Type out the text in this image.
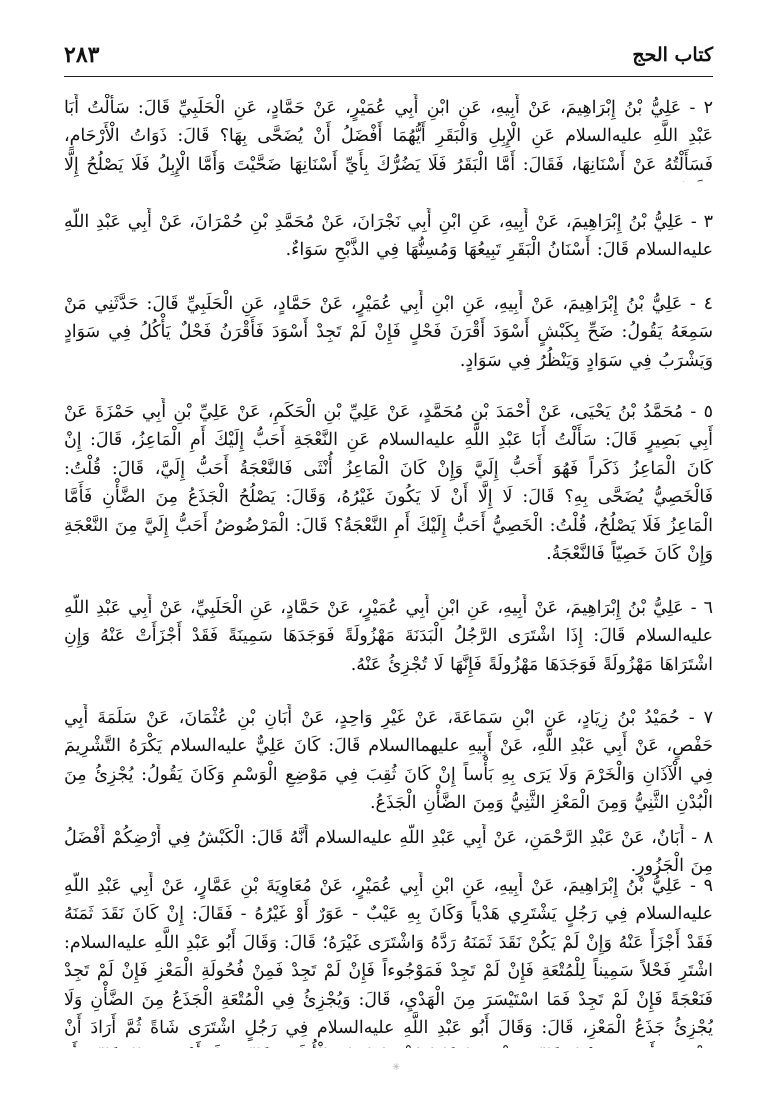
كتاب الحج
٢٨٣
٢ - عَلِيُّ بْنُ إِبْرَاهِيمَ، عَنْ أَبِيهِ، عَنِ ابْنِ أَبِي عُمَيْرٍ، عَنْ حَمَّادٍ، عَنِ الْحَلَبِيِّ قَالَ: سَأَلْتُ أَبَا عَبْدِ اللَّهِ عليه‌السلام عَنِ الْإِبِلِ وَالْبَقَرِ أَيُّهُمَا أَفْضَلُ أَنْ يُضَحَّى بِهَا؟ قَالَ: ذَوَاتُ الْأَرْحَامِ، فَسَأَلْتُهُ عَنْ أَسْنَانِهَا، فَقَالَ: أَمَّا الْبَقَرُ فَلَا يَضُرُّكَ بِأَيِّ أَسْنَانِهَا ضَحَّيْتَ وَأَمَّا الْإِبِلُ فَلَا يَصْلُحُ إِلَّا
٣ - عَلِيُّ بْنُ إِبْرَاهِيمَ، عَنْ أَبِيهِ، عَنِ ابْنِ أَبِي نَجْرَانَ، عَنْ مُحَمَّدِ بْنِ حُمْرَانَ، عَنْ أَبِي عَبْدِ اللَّهِ عليه‌السلام قَالَ: أَسْنَانُ الْبَقَرِ تَبِيعُهَا وَمُسِنُّهَا فِي الذَّبْحِ سَوَاءٌ.
٤ - عَلِيُّ بْنُ إِبْرَاهِيمَ، عَنْ أَبِيهِ، عَنِ ابْنِ أَبِي عُمَيْرٍ، عَنْ حَمَّادٍ، عَنِ الْحَلَبِيِّ قَالَ: حَدَّثَنِي مَنْ سَمِعَهُ يَقُولُ: ضَحِّ بِكَبْشٍ أَسْوَدَ أَقْرَنَ فَحْلٍ فَإِنْ لَمْ تَجِدْ أَسْوَدَ فَأَقْرَنُ فَحْلٌ يَأْكُلُ فِي سَوَادٍ وَيَشْرَبُ فِي سَوَادٍ وَيَنْظُرُ فِي سَوَادٍ.
٥ - مُحَمَّدُ بْنُ يَحْيَى، عَنْ أَحْمَدَ بْنِ مُحَمَّدٍ، عَنْ عَلِيِّ بْنِ الْحَكَمِ، عَنْ عَلِيِّ بْنِ أَبِي حَمْزَةَ عَنْ أَبِي بَصِيرٍ قَالَ: سَأَلْتُ أَبَا عَبْدِ اللَّهِ عليه‌السلام عَنِ النَّعْجَةِ أَحَبُّ إِلَيْكَ أَمِ الْمَاعِزُ، قَالَ: إِنْ كَانَ الْمَاعِزُ ذَكَراً فَهُوَ أَحَبُّ إِلَيَّ وَإِنْ كَانَ الْمَاعِزُ أُنْثَى فَالنَّعْجَةُ أَحَبُّ إِلَيَّ، قَالَ: قُلْتُ: فَالْخَصِيُّ يُضَحَّى بِهِ؟ قَالَ: لَا إِلَّا أَنْ لَا يَكُونَ غَيْرُهُ، وَقَالَ: يَصْلُحُ الْجَذَعُ مِنَ الضَّأْنِ فَأَمَّا الْمَاعِزُ فَلَا يَصْلُحُ، قُلْتُ: الْخَصِيُّ أَحَبُّ إِلَيْكَ أَمِ النَّعْجَةُ؟ قَالَ: الْمَرْضُوضُ أَحَبُّ إِلَيَّ مِنَ النَّعْجَةِ وَإِنْ كَانَ خَصِيّاً فَالنَّعْجَةُ.
٦ - عَلِيُّ بْنُ إِبْرَاهِيمَ، عَنْ أَبِيهِ، عَنِ ابْنِ أَبِي عُمَيْرٍ، عَنْ حَمَّادٍ، عَنِ الْحَلَبِيِّ، عَنْ أَبِي عَبْدِ اللَّهِ عليه‌السلام قَالَ: إِذَا اشْتَرَى الرَّجُلُ الْبَدَنَةَ مَهْزُولَةً فَوَجَدَهَا سَمِينَةً فَقَدْ أَجْزَأَتْ عَنْهُ وَإِنِ اشْتَرَاهَا مَهْزُولَةً فَوَجَدَهَا مَهْزُولَةً فَإِنَّهَا لَا تُجْزِئُ عَنْهُ.
٧ - حُمَيْدُ بْنُ زِيَادٍ، عَنِ ابْنِ سَمَاعَةَ، عَنْ غَيْرِ وَاحِدٍ، عَنْ أَبَانِ بْنِ عُثْمَانَ، عَنْ سَلَمَةَ أَبِي حَفْصٍ، عَنْ أَبِي عَبْدِ اللَّهِ، عَنْ أَبِيهِ عليهما‌السلام قَالَ: كَانَ عَلِيٌّ عليه‌السلام يَكْرَهُ التَّشْرِيمَ فِي الْآذَانِ وَالْخَرْمَ وَلَا يَرَى بِهِ بَأْساً إِنْ كَانَ ثُقِبَ فِي مَوْضِعِ الْوَسْمِ وَكَانَ يَقُولُ: يُجْزِئُ مِنَ الْبُدْنِ الثَّنِيُّ وَمِنَ الْمَعْزِ الثَّنِيُّ وَمِنَ الضَّأْنِ الْجَذَعُ.
٨ - أَبَانٌ، عَنْ عَبْدِ الرَّحْمَنِ، عَنْ أَبِي عَبْدِ اللَّهِ عليه‌السلام أَنَّهُ قَالَ: الْكَبْشُ فِي أَرْضِكُمْ أَفْضَلُ مِنَ الْجَزُورِ.
٩ - عَلِيُّ بْنُ إِبْرَاهِيمَ، عَنْ أَبِيهِ، عَنِ ابْنِ أَبِي عُمَيْرٍ، عَنْ مُعَاوِيَةَ بْنِ عَمَّارٍ، عَنْ أَبِي عَبْدِ اللَّهِ عليه‌السلام فِي رَجُلٍ يَشْتَرِي هَدْياً وَكَانَ بِهِ عَيْبٌ - عَوَرٌ أَوْ غَيْرُهُ - فَقَالَ: إِنْ كَانَ نَقَدَ ثَمَنَهُ فَقَدْ أَجْزَأَ عَنْهُ وَإِنْ لَمْ يَكُنْ نَقَدَ ثَمَنَهُ رَدَّهُ وَاشْتَرَى غَيْرَهُ؛ قَالَ: وَقَالَ أَبُو عَبْدِ اللَّهِ عليه‌السلام: اشْتَرِ فَحْلاً سَمِيناً لِلْمُتْعَةِ فَإِنْ لَمْ تَجِدْ فَمَوْجُوءاً فَإِنْ لَمْ تَجِدْ فَمِنْ فُحُولَةِ الْمَعْزِ فَإِنْ لَمْ تَجِدْ فَنَعْجَةً فَإِنْ لَمْ تَجِدْ فَمَا اسْتَيْسَرَ مِنَ الْهَدْيِ، قَالَ: وَيُجْزِئُ فِي الْمُتْعَةِ الْجَذَعُ مِنَ الضَّأْنِ وَلَا يُجْزِئُ جَذَعُ الْمَعْزِ، قَالَ: وَقَالَ أَبُو عَبْدِ اللَّهِ عليه‌السلام فِي رَجُلٍ اشْتَرَى شَاةً ثُمَّ أَرَادَ أَنْ
✳
